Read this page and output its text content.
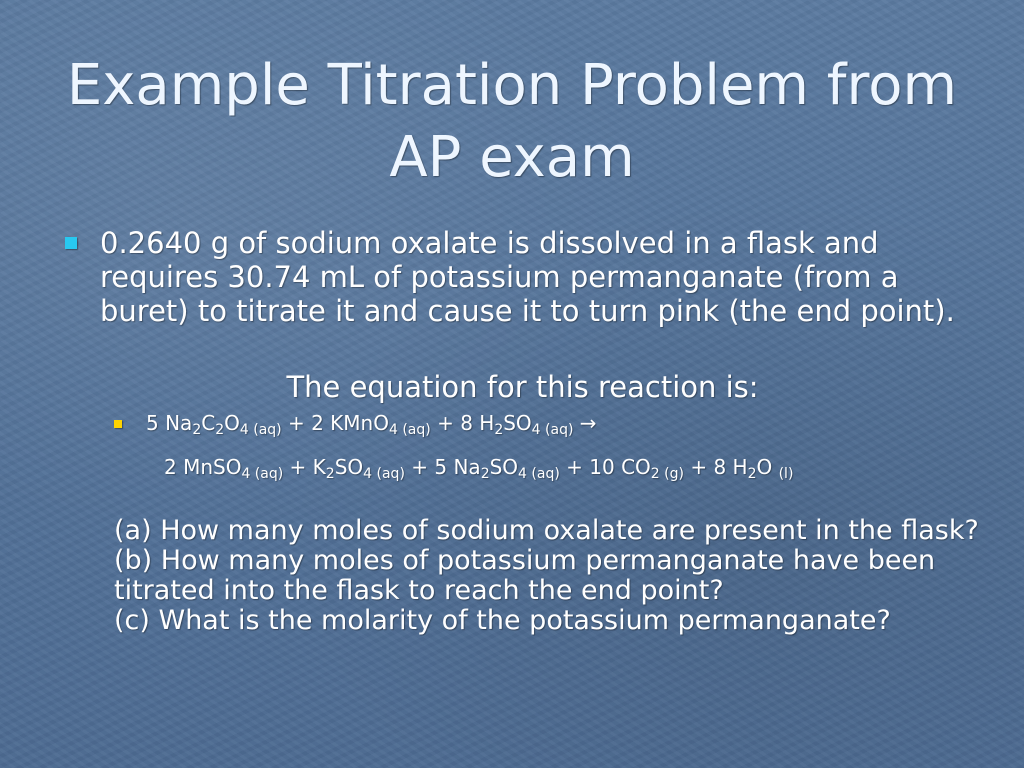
Example Titration Problem from AP exam
0.2640 g of sodium oxalate is dissolved in a flask and requires 30.74 mL of potassium permanganate (from a buret) to titrate it and cause it to turn pink (the end point).
The equation for this reaction is:
5 $Na_2C_2O_{4 (aq)} + 2$ KMnO$_{4 (aq)}$ + 8 $H_2SO_{4 (aq)}$ →
2 MnSO$_{4 (aq)}$ + $K_2SO_{4 (aq)} + 5$ $Na_2SO_{4 (aq)} + 10$ $CO_{2 (g)} + 8$ $H_2O$ $_{(l)}$
(a) How many moles of sodium oxalate are present in the flask?
(b) How many moles of potassium permanganate have been titrated into the flask to reach the end point?
(c) What is the molarity of the potassium permanganate?
